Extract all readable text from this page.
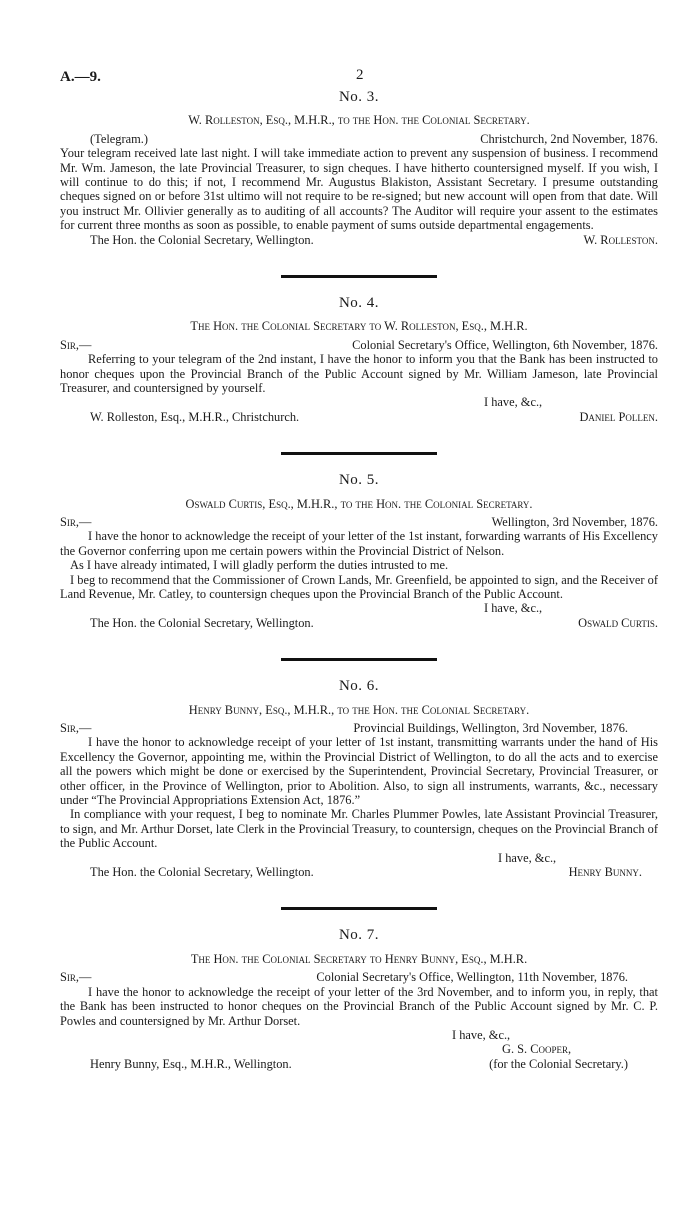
A.—9.	2
No. 3.
W. Rolleston, Esq., M.H.R., to the Hon. the Colonial Secretary.
(Telegram.)	Christchurch, 2nd November, 1876.

Your telegram received late last night. I will take immediate action to prevent any suspension of business. I recommend Mr. Wm. Jameson, the late Provincial Treasurer, to sign cheques. I have hitherto countersigned myself. If you wish, I will continue to do this; if not, I recommend Mr. Augustus Blakiston, Assistant Secretary. I presume outstanding cheques signed on or before 31st ultimo will not require to be re-signed; but new account will open from that date. Will you instruct Mr. Ollivier generally as to auditing of all accounts? The Auditor will require your assent to the estimates for current three months as soon as possible, to enable payment of sums outside departmental engagements.

The Hon. the Colonial Secretary, Wellington.	W. Rolleston.
No. 4.
The Hon. the Colonial Secretary to W. Rolleston, Esq., M.H.R.
Sir,—	Colonial Secretary's Office, Wellington, 6th November, 1876.

Referring to your telegram of the 2nd instant, I have the honor to inform you that the Bank has been instructed to honor cheques upon the Provincial Branch of the Public Account signed by Mr. William Jameson, late Provincial Treasurer, and countersigned by yourself.

I have, &c.,
W. Rolleston, Esq., M.H.R., Christchurch.	Daniel Pollen.
No. 5.
Oswald Curtis, Esq., M.H.R., to the Hon. the Colonial Secretary.
Sir,—	Wellington, 3rd November, 1876.

I have the honor to acknowledge the receipt of your letter of the 1st instant, forwarding warrants of His Excellency the Governor conferring upon me certain powers within the Provincial District of Nelson.

As I have already intimated, I will gladly perform the duties intrusted to me.

I beg to recommend that the Commissioner of Crown Lands, Mr. Greenfield, be appointed to sign, and the Receiver of Land Revenue, Mr. Catley, to countersign cheques upon the Provincial Branch of the Public Account.

I have, &c.,
The Hon. the Colonial Secretary, Wellington.	Oswald Curtis.
No. 6.
Henry Bunny, Esq., M.H.R., to the Hon. the Colonial Secretary.
Sir,—	Provincial Buildings, Wellington, 3rd November, 1876.

I have the honor to acknowledge receipt of your letter of 1st instant, transmitting warrants under the hand of His Excellency the Governor, appointing me, within the Provincial District of Wellington, to do all the acts and to exercise all the powers which might be done or exercised by the Superintendent, Provincial Secretary, Provincial Treasurer, or other officer, in the Province of Wellington, prior to Abolition. Also, to sign all instruments, warrants, &c., necessary under “The Provincial Appropriations Extension Act, 1876.”

In compliance with your request, I beg to nominate Mr. Charles Plummer Powles, late Assistant Provincial Treasurer, to sign, and Mr. Arthur Dorset, late Clerk in the Provincial Treasury, to countersign, cheques on the Provincial Branch of the Public Account.

I have, &c.,
The Hon. the Colonial Secretary, Wellington.	Henry Bunny.
No. 7.
The Hon. the Colonial Secretary to Henry Bunny, Esq., M.H.R.
Sir,—	Colonial Secretary's Office, Wellington, 11th November, 1876.

I have the honor to acknowledge the receipt of your letter of the 3rd November, and to inform you, in reply, that the Bank has been instructed to honor cheques on the Provincial Branch of the Public Account signed by Mr. C. P. Powles and countersigned by Mr. Arthur Dorset.

I have, &c.,
G. S. Cooper,
Henry Bunny, Esq., M.H.R., Wellington.	(for the Colonial Secretary.)
